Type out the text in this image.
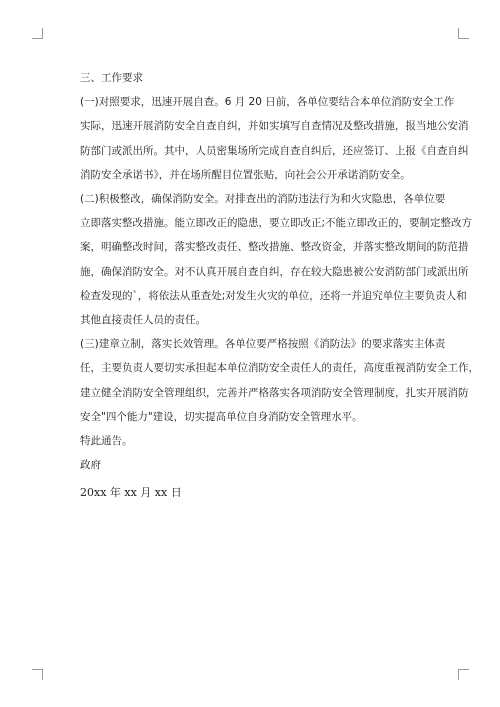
三、工作要求
(一)对照要求，迅速开展自查。6 月 20 日前，各单位要结合本单位消防安全工作
实际，迅速开展消防安全自查自纠，并如实填写自查情况及整改措施，报当地公安消
防部门或派出所。其中，人员密集场所完成自查自纠后，还应签订、上报《自查自纠
消防安全承诺书》，并在场所醒目位置张贴，向社会公开承诺消防安全。
(二)积极整改，确保消防安全。对排查出的消防违法行为和火灾隐患，各单位要
立即落实整改措施。能立即改正的隐患，要立即改正;不能立即改正的，要制定整改方
案，明确整改时间，落实整改责任、整改措施、整改资金，并落实整改期间的防范措
施，确保消防安全。对不认真开展自查自纠，存在较大隐患被公安消防部门或派出所
检查发现的`，将依法从重查处;对发生火灾的单位，还将一并追究单位主要负责人和
其他直接责任人员的责任。
(三)建章立制，落实长效管理。各单位要严格按照《消防法》的要求落实主体责
任，主要负责人要切实承担起本单位消防安全责任人的责任，高度重视消防安全工作，
建立健全消防安全管理组织，完善并严格落实各项消防安全管理制度，扎实开展消防
安全"四个能力"建设，切实提高单位自身消防安全管理水平。
特此通告。
政府
20xx 年 xx 月 xx 日
